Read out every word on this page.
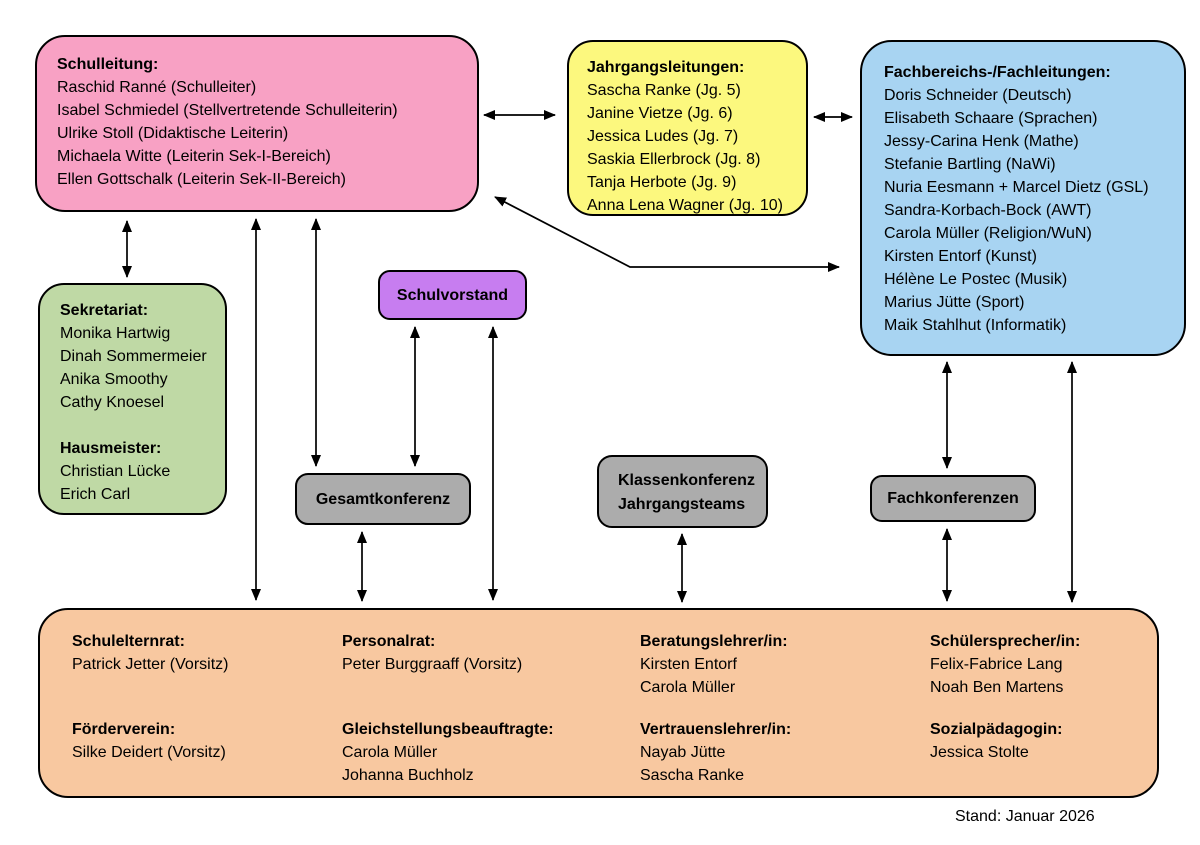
Schulleitung:
Raschid Ranné (Schulleiter)
Isabel Schmiedel (Stellvertretende Schulleiterin)
Ulrike Stoll (Didaktische Leiterin)
Michaela Witte (Leiterin Sek-I-Bereich)
Ellen Gottschalk (Leiterin Sek-II-Bereich)
Jahrgangsleitungen:
Sascha Ranke (Jg. 5)
Janine Vietze (Jg. 6)
Jessica Ludes (Jg. 7)
Saskia Ellerbrock (Jg. 8)
Tanja Herbote (Jg. 9)
Anna Lena Wagner (Jg. 10)
Fachbereichs-/Fachleitungen:
Doris Schneider (Deutsch)
Elisabeth Schaare (Sprachen)
Jessy-Carina Henk (Mathe)
Stefanie Bartling (NaWi)
Nuria Eesmann + Marcel Dietz (GSL)
Sandra-Korbach-Bock (AWT)
Carola Müller (Religion/WuN)
Kirsten Entorf (Kunst)
Hélène Le Postec (Musik)
Marius Jütte (Sport)
Maik Stahlhut (Informatik)
Sekretariat:
Monika Hartwig
Dinah Sommermeier
Anika Smoothy
Cathy Knoesel

Hausmeister:
Christian Lücke
Erich Carl
Schulvorstand
Gesamtkonferenz
Klassenkonferenz
Jahrgangsteams	Fachkonferenzen
Schulelternrat:
Patrick Jetter (Vorsitz)
Förderverein:
Silke Deidert (Vorsitz)
Personalrat:
Peter Burggraaff (Vorsitz)
Gleichstellungsbeauftragte:
Carola Müller
Johanna Buchholz
Beratungslehrer/in:
Kirsten Entorf
Carola Müller
Vertrauenslehrer/in:
Nayab Jütte
Sascha Ranke
Schülersprecher/in:
Felix-Fabrice Lang
Noah Ben Martens
Sozialpädagogin:
Jessica Stolte
Stand: Januar 2026
